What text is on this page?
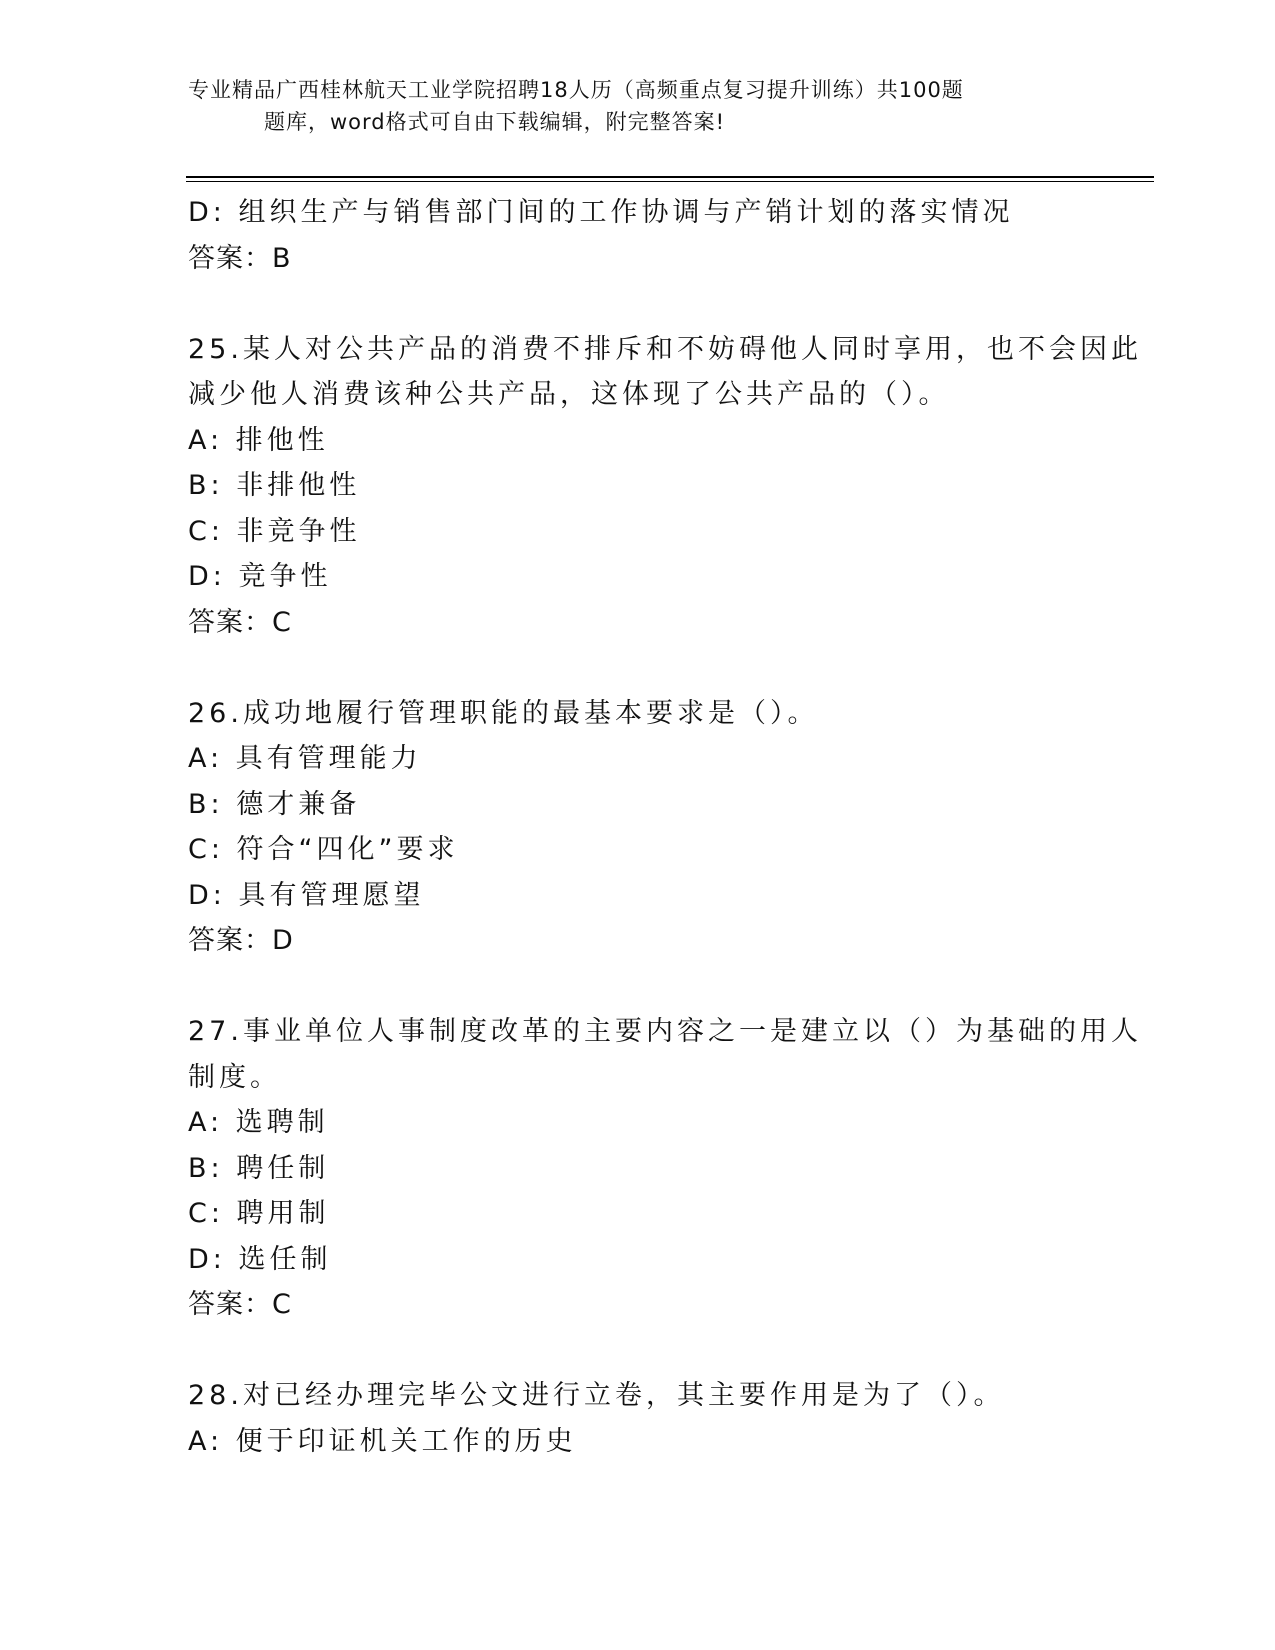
专业精品广西桂林航天工业学院招聘18人历（高频重点复习提升训练）共100题
题库，word格式可自由下载编辑，附完整答案!
D: 组织生产与销售部门间的工作协调与产销计划的落实情况
答案：B
25.某人对公共产品的消费不排斥和不妨碍他人同时享用，也不会因此
减少他人消费该种公共产品，这体现了公共产品的（）。
A: 排他性
B: 非排他性
C: 非竞争性
D: 竞争性
答案：C
26.成功地履行管理职能的最基本要求是（）。
A: 具有管理能力
B: 德才兼备
C: 符合“四化”要求
D: 具有管理愿望
答案：D
27.事业单位人事制度改革的主要内容之一是建立以（）为基础的用人
制度。
A: 选聘制
B: 聘任制
C: 聘用制
D: 选任制
答案：C
28.对已经办理完毕公文进行立卷，其主要作用是为了（）。
A: 便于印证机关工作的历史
